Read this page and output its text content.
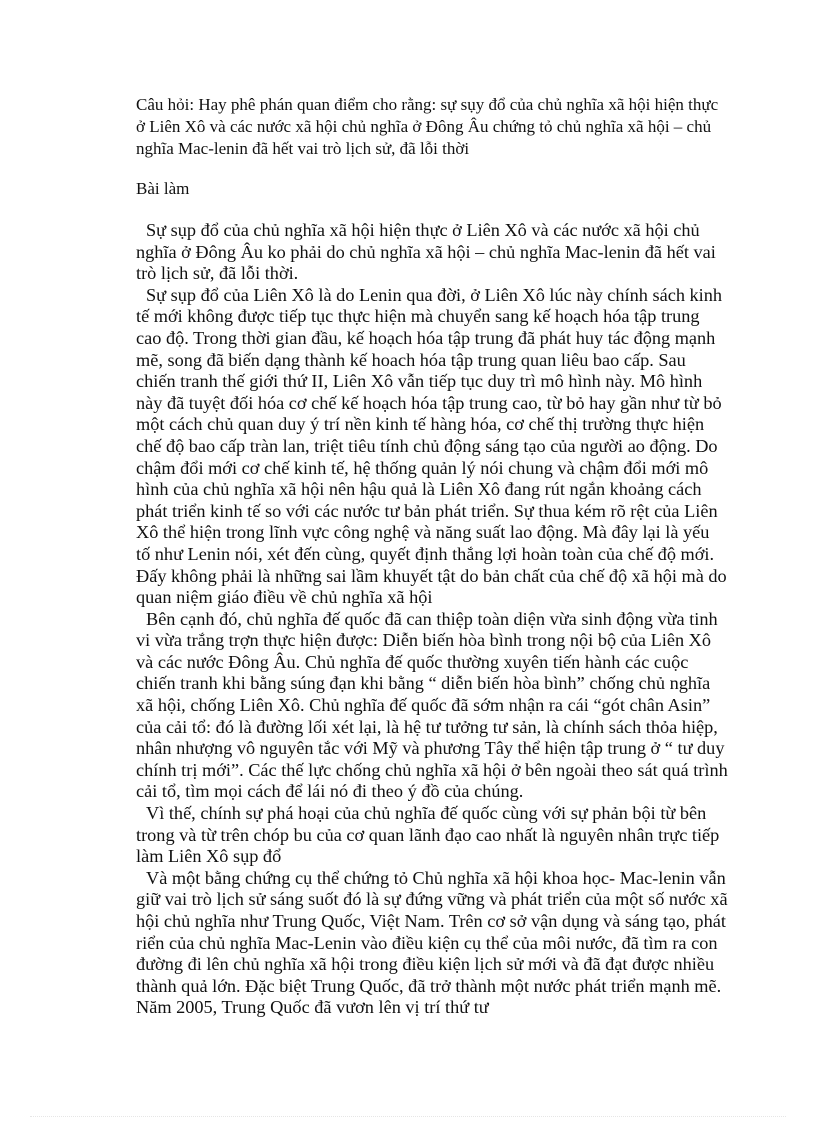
Câu hỏi: Hay phê phán quan điểm cho rằng: sự sụy đổ của chủ nghĩa xã hội hiện thực ở Liên Xô và các nước xã hội chủ nghĩa ở Đông Âu chứng tỏ chủ nghĩa xã hội – chủ nghĩa Mac-lenin đã hết vai trò lịch sử, đã lỗi thời

Bài làm

Sự sụp đổ của chủ nghĩa xã hội hiện thực ở Liên Xô và các nước xã hội chủ nghĩa ở Đông Âu ko phải do chủ nghĩa xã hội – chủ nghĩa Mac-lenin đã hết vai trò lịch sử, đã lỗi thời.

Sự sụp đổ của Liên Xô là do Lenin qua đời, ở Liên Xô lúc này chính sách kinh tế mới không được tiếp tục thực hiện mà chuyển sang kế hoạch hóa tập trung cao độ. Trong thời gian đầu, kế hoạch hóa tập trung đã phát huy tác động mạnh mẽ, song đã biến dạng thành kế hoach hóa tập trung quan liêu bao cấp. Sau chiến tranh thế giới thứ II, Liên Xô vẫn tiếp tục duy trì mô hình này. Mô hình này đã tuyệt đối hóa cơ chế kế hoạch hóa tập trung cao, từ bỏ hay gần như từ bỏ một cách chủ quan duy ý trí nền kinh tế hàng hóa, cơ chế thị trường thực hiện chế độ bao cấp tràn lan, triệt tiêu tính chủ động sáng tạo của người ao động. Do chậm đổi mới cơ chế kinh tế, hệ thống quản lý nói chung và chậm đổi mới mô hình của chủ nghĩa xã hội nên hậu quả là Liên Xô đang rút ngắn khoảng cách phát triển kinh tế so với các nước tư bản phát triển. Sự thua kém rõ rệt của Liên Xô thể hiện trong lĩnh vực công nghệ và năng suất lao động. Mà đây lại là yếu tố như Lenin nói, xét đến cùng, quyết định thắng lợi hoàn toàn của chế độ mới. Đấy không phải là những sai lầm khuyết tật do bản chất của chế độ xã hội mà do quan niệm giáo điều về chủ nghĩa xã hội

Bên cạnh đó, chủ nghĩa đế quốc đã can thiệp toàn diện vừa sinh động vừa tinh vi vừa trắng trợn thực hiện được: Diễn biến hòa bình trong nội bộ của Liên Xô và các nước Đông Âu. Chủ nghĩa đế quốc thường xuyên tiến hành các cuộc chiến tranh khi bằng súng đạn khi bằng “ diễn biến hòa bình” chống chủ nghĩa xã hội, chống Liên Xô. Chủ nghĩa đế quốc đã sớm nhận ra cái “gót chân Asin” của cải tổ: đó là đường lối xét lại, là hệ tư tưởng tư sản, là chính sách thỏa hiệp, nhân nhượng vô nguyên tắc với Mỹ và phương Tây thể hiện tập trung ở “ tư duy chính trị mới”. Các thế lực chống chủ nghĩa xã hội ở bên ngoài theo sát quá trình cải tổ, tìm mọi cách để lái nó đi theo ý đồ của chúng.

Vì thế, chính sự phá hoại của chủ nghĩa đế quốc cùng với sự phản bội từ bên trong và từ trên chóp bu của cơ quan lãnh đạo cao nhất là nguyên nhân trực tiếp làm Liên Xô sụp đổ

Và một bằng chứng cụ thể chứng tỏ Chủ nghĩa xã hội khoa học- Mac-lenin vẫn giữ vai trò lịch sử sáng suốt đó là sự đứng vững và phát triển của một số nước xã hội chủ nghĩa như Trung Quốc, Việt Nam. Trên cơ sở vận dụng và sáng tạo, phát riển của chủ nghĩa Mac-Lenin vào điều kiện cụ thể của môi nước, đã tìm ra con đường đi lên chủ nghĩa xã hội trong điều kiện lịch sử mới và đã đạt được nhiều thành quả lớn. Đặc biệt Trung Quốc, đã trở thành một nước phát triển mạnh mẽ. Năm 2005, Trung Quốc đã vươn lên vị trí thứ tư
